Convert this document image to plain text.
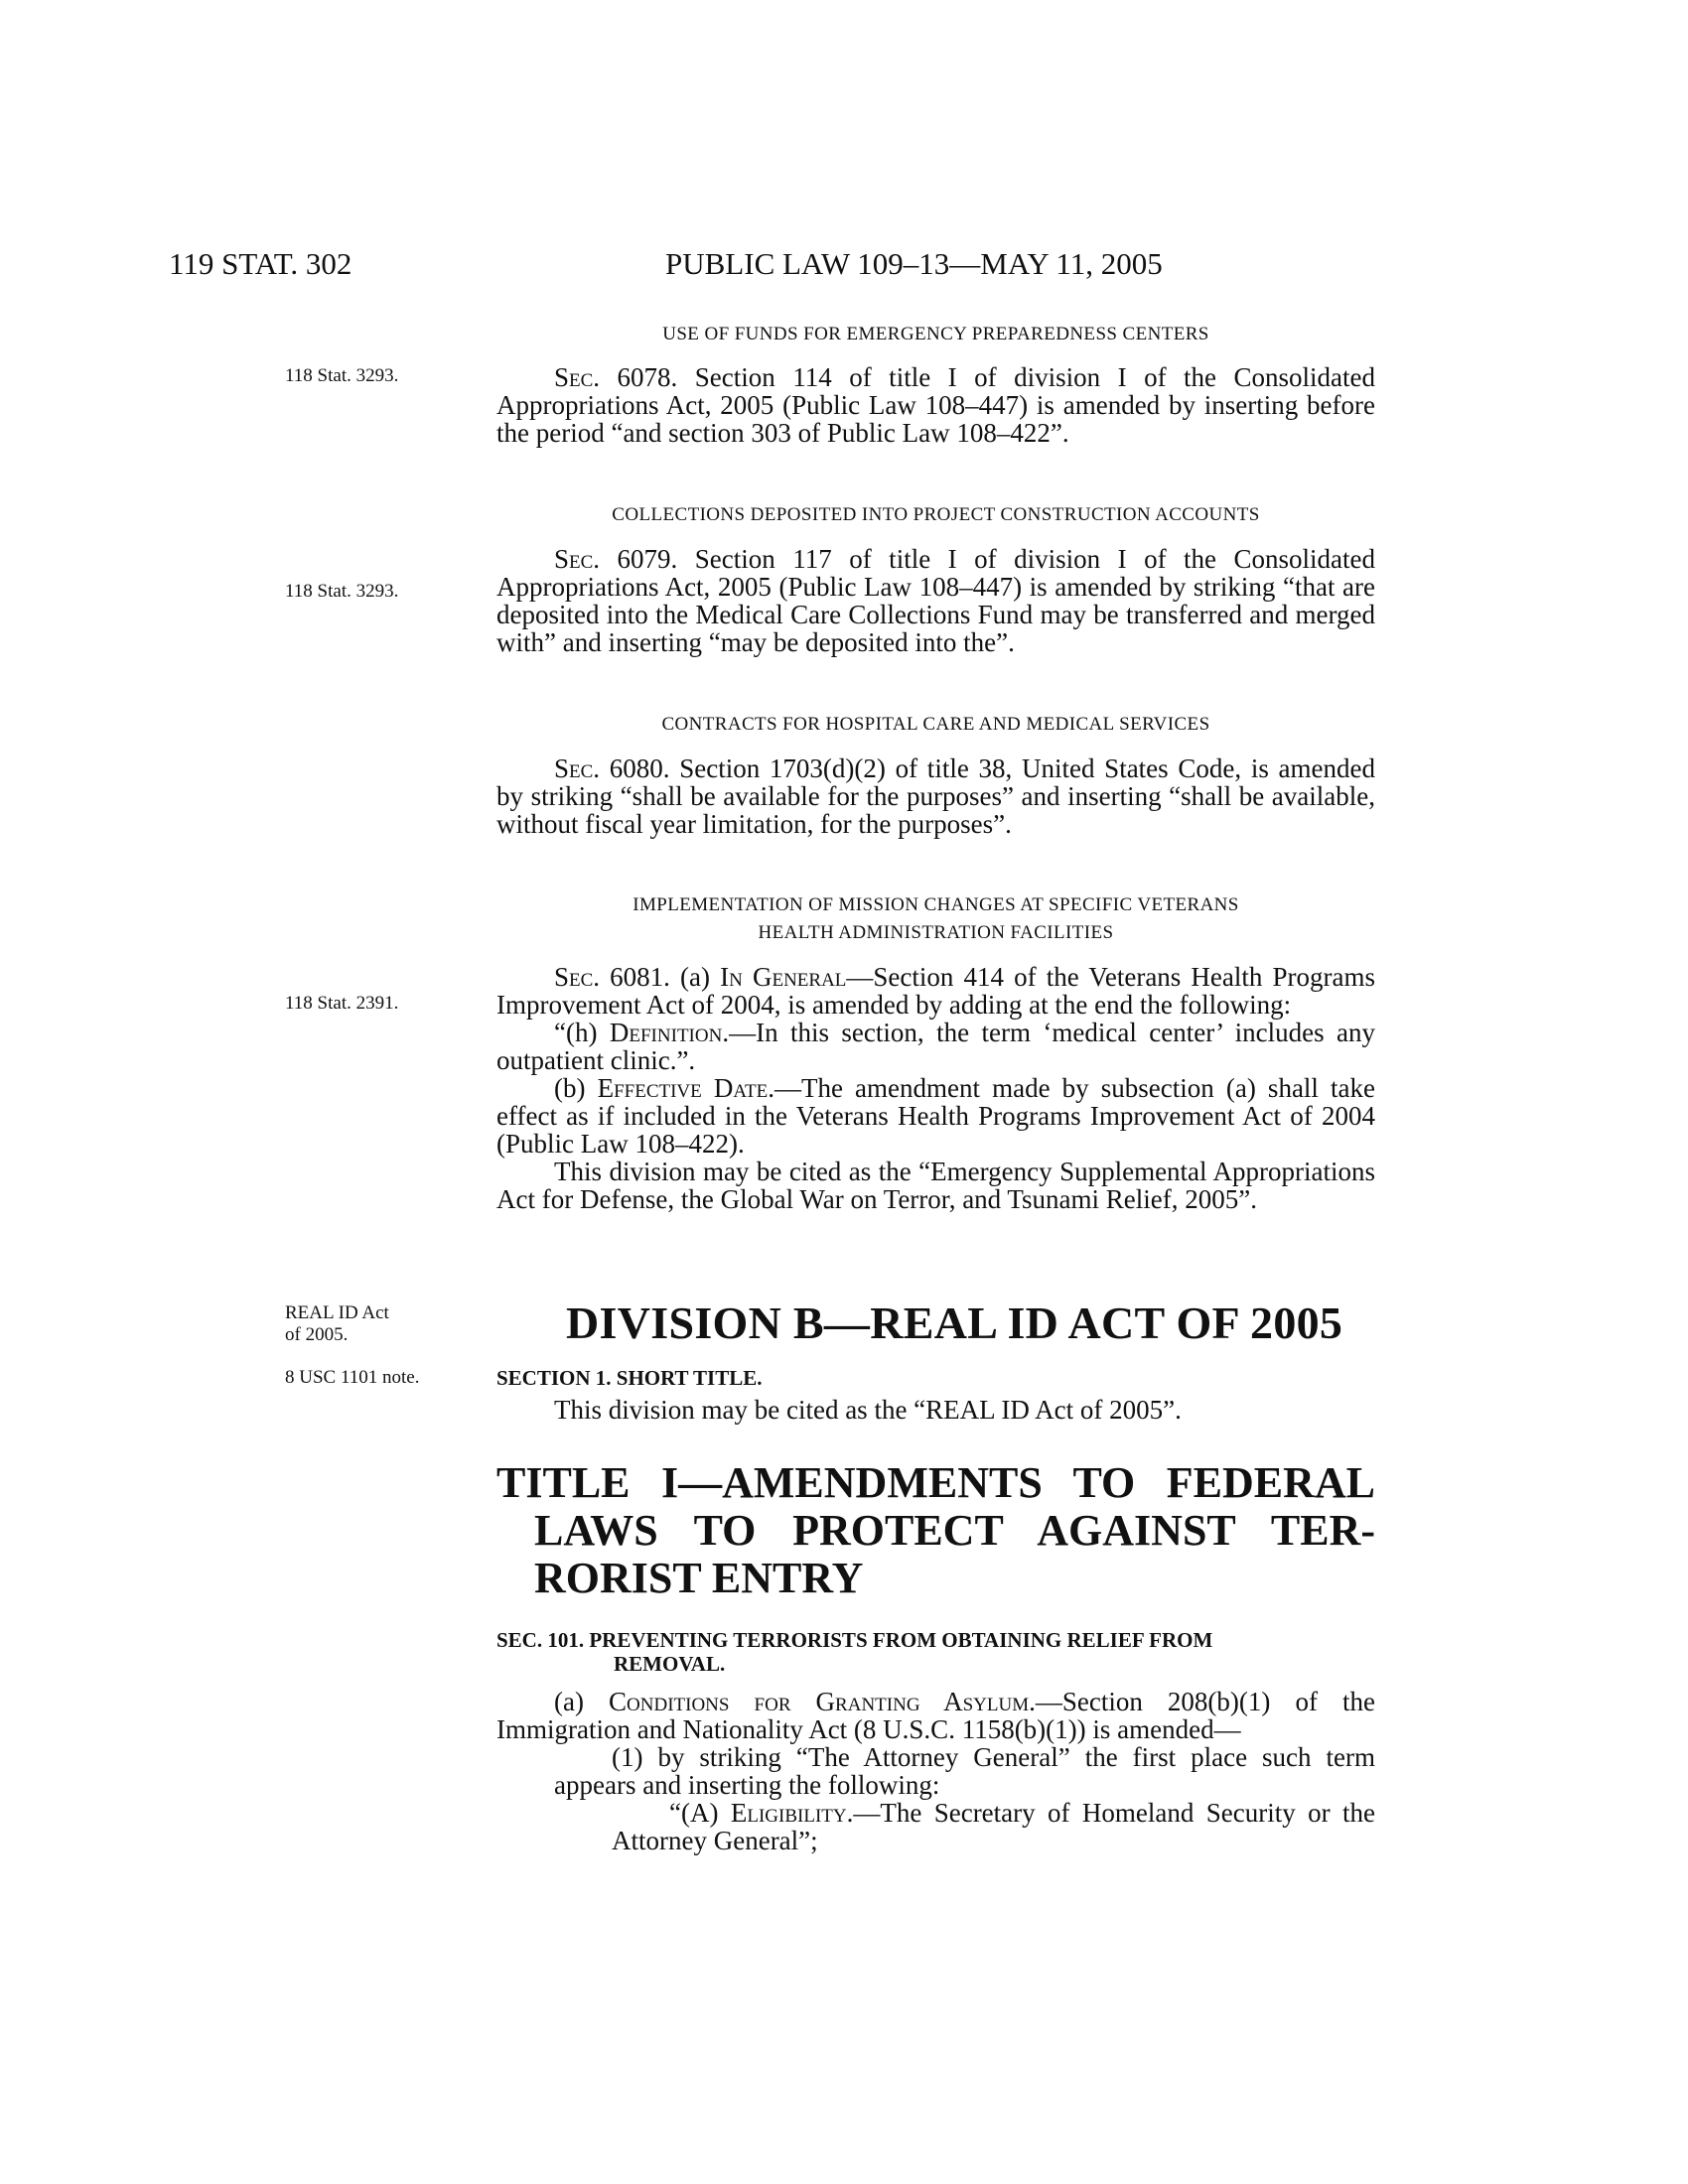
119 STAT. 302	PUBLIC LAW 109–13—MAY 11, 2005
USE OF FUNDS FOR EMERGENCY PREPAREDNESS CENTERS
118 Stat. 3293.	Sec. 6078. Section 114 of title I of division I of the Consolidated Appropriations Act, 2005 (Public Law 108–447) is amended by inserting before the period “and section 303 of Public Law 108–422”.
COLLECTIONS DEPOSITED INTO PROJECT CONSTRUCTION ACCOUNTS
118 Stat. 3293.
Sec. 6079. Section 117 of title I of division I of the Consolidated Appropriations Act, 2005 (Public Law 108–447) is amended by striking “that are deposited into the Medical Care Collections Fund may be transferred and merged with” and inserting “may be deposited into the”.
CONTRACTS FOR HOSPITAL CARE AND MEDICAL SERVICES
Sec. 6080. Section 1703(d)(2) of title 38, United States Code, is amended by striking “shall be available for the purposes” and inserting “shall be available, without fiscal year limitation, for the purposes”.
IMPLEMENTATION OF MISSION CHANGES AT SPECIFIC VETERANS
HEALTH ADMINISTRATION FACILITIES
118 Stat. 2391.
Sec. 6081. (a) In General—Section 414 of the Veterans Health Programs Improvement Act of 2004, is amended by adding at the end the following:
“(h) Definition.—In this section, the term ‘medical center’ includes any outpatient clinic.”.
(b) Effective Date.—The amendment made by subsection (a) shall take effect as if included in the Veterans Health Programs Improvement Act of 2004 (Public Law 108–422).
This division may be cited as the “Emergency Supplemental Appropriations Act for Defense, the Global War on Terror, and Tsunami Relief, 2005”.
REAL ID Act
of 2005.	DIVISION B—REAL ID ACT OF 2005
8 USC 1101 note.	SECTION 1. SHORT TITLE.
This division may be cited as the “REAL ID Act of 2005”.
TITLE I—AMENDMENTS TO FEDERAL
LAWS TO PROTECT AGAINST TER-
RORIST ENTRY
SEC. 101. PREVENTING TERRORISTS FROM OBTAINING RELIEF FROM
REMOVAL.
(a) Conditions for Granting Asylum.—Section 208(b)(1) of the Immigration and Nationality Act (8 U.S.C. 1158(b)(1)) is amended—
(1) by striking “The Attorney General” the first place such term appears and inserting the following:
“(A) Eligibility.—The Secretary of Homeland Security or the Attorney General”;
